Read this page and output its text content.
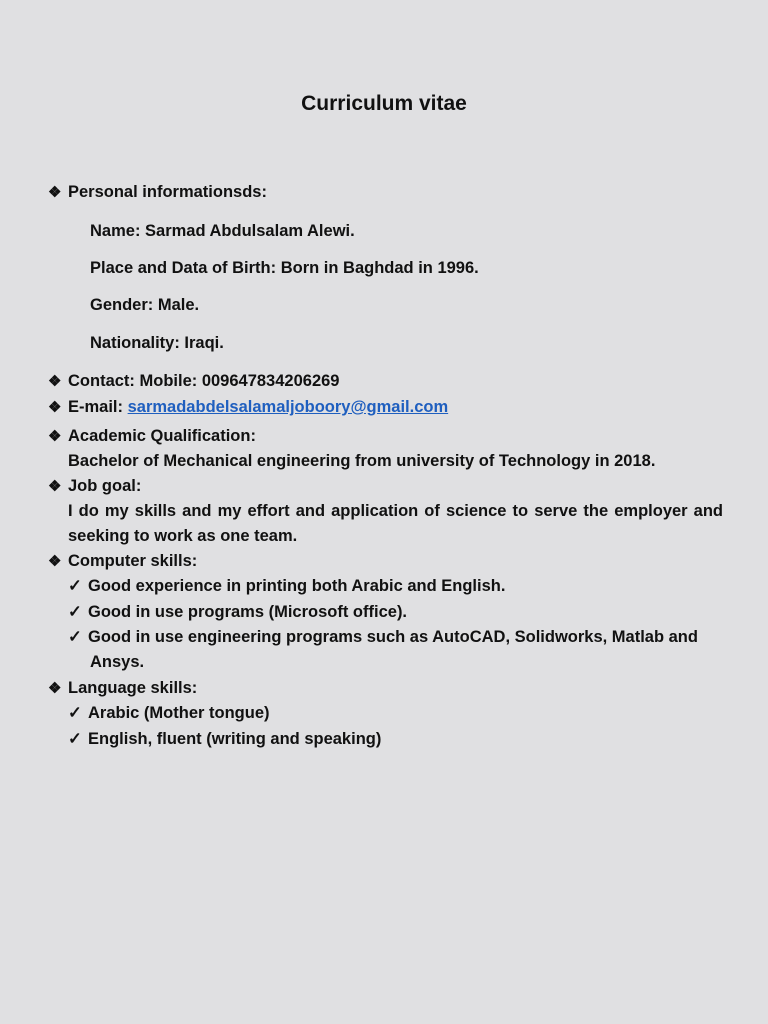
Curriculum vitae
❖ Personal informationsds:
Name: Sarmad Abdulsalam Alewi.
Place and Data of Birth: Born in Baghdad in 1996.
Gender: Male.
Nationality: Iraqi.
❖ Contact: Mobile: 009647834206269
❖ E-mail: sarmadabdelsalamaljoboory@gmail.com
❖ Academic Qualification:
Bachelor of Mechanical engineering from university of Technology in 2018.
❖ Job goal:
I do my skills and my effort and application of science to serve the employer and seeking to work as one team.
❖ Computer skills:
✓ Good experience in printing both Arabic and English.
✓ Good in use programs (Microsoft office).
✓ Good in use engineering programs such as AutoCAD, Solidworks, Matlab and
Ansys.
❖ Language skills:
✓ Arabic (Mother tongue)
✓ English, fluent (writing and speaking)
